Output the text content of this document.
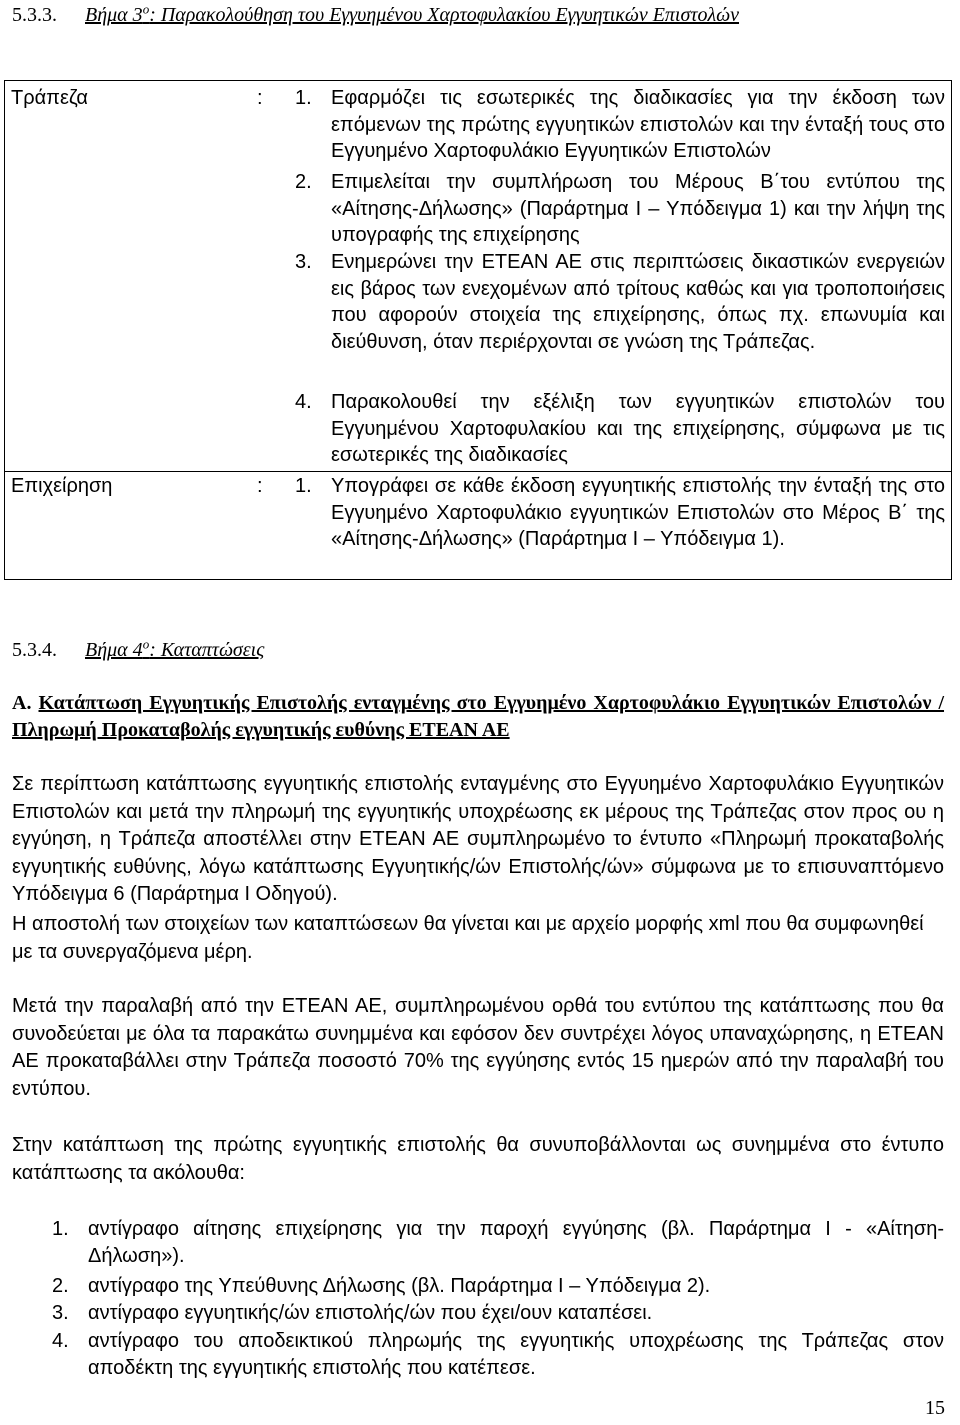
5.3.3. Βήμα $3^o$: Παρακολούθηση του Εγγυημένου Χαρτοφυλακίου Εγγυητικών Επιστολών
Τράπεζα	: 1. Εφαρμόζει τις εσωτερικές της διαδικασίες για την έκδοση των επόμενων της πρώτης εγγυητικών επιστολών και την ένταξή τους στο Εγγυημένο Χαρτοφυλάκιο Εγγυητικών Επιστολών
2. Επιμελείται την συμπλήρωση του Μέρους Β΄του εντύπου της «Αίτησης-Δήλωσης» (Παράρτημα Ι – Υπόδειγμα 1) και την λήψη της υπογραφής της επιχείρησης
3. Ενημερώνει την ΕΤΕΑΝ ΑΕ στις περιπτώσεις δικαστικών ενεργειών εις βάρος των ενεχομένων από τρίτους καθώς και για τροποποιήσεις που αφορούν στοιχεία της επιχείρησης, όπως πχ. επωνυμία και διεύθυνση, όταν περιέρχονται σε γνώση της Τράπεζας.
4. Παρακολουθεί την εξέλιξη των εγγυητικών επιστολών του Εγγυημένου Χαρτοφυλακίου και της επιχείρησης, σύμφωνα με τις εσωτερικές της διαδικασίες
Επιχείρηση	: 1. Υπογράφει σε κάθε έκδοση εγγυητικής επιστολής την ένταξή της στο Εγγυημένο Χαρτοφυλάκιο εγγυητικών Επιστολών στο Μέρος Β΄ της «Αίτησης-Δήλωσης» (Παράρτημα Ι – Υπόδειγμα 1).
5.3.4. Βήμα $4^o$: Καταπτώσεις
Α. Κατάπτωση Εγγυητικής Επιστολής ενταγμένης στο Εγγυημένο Χαρτοφυλάκιο Εγγυητικών Επιστολών / Πληρωμή Προκαταβολής εγγυητικής ευθύνης ΕΤΕΑΝ ΑΕ
Σε περίπτωση κατάπτωσης εγγυητικής επιστολής ενταγμένης στο Εγγυημένο Χαρτοφυλάκιο Εγγυητικών Επιστολών και μετά την πληρωμή της εγγυητικής υποχρέωσης εκ μέρους της Τράπεζας στον προς ου η εγγύηση, η Τράπεζα αποστέλλει στην ΕΤΕΑΝ ΑΕ συμπληρωμένο το έντυπο «Πληρωμή προκαταβολής εγγυητικής ευθύνης, λόγω κατάπτωσης Εγγυητικής/ών Επιστολής/ών» σύμφωνα με το επισυναπτόμενο Υπόδειγμα 6 (Παράρτημα Ι Οδηγού).
Η αποστολή των στοιχείων των καταπτώσεων θα γίνεται και με αρχείο μορφής xml που θα συμφωνηθεί με τα συνεργαζόμενα μέρη.
Μετά την παραλαβή από την ΕΤΕΑΝ ΑΕ, συμπληρωμένου ορθά του εντύπου της κατάπτωσης που θα συνοδεύεται με όλα τα παρακάτω συνημμένα και εφόσον δεν συντρέχει λόγος υπαναχώρησης, η ΕΤΕΑΝ ΑΕ προκαταβάλλει στην Τράπεζα ποσοστό 70% της εγγύησης εντός 15 ημερών από την παραλαβή του εντύπου.
Στην κατάπτωση της πρώτης εγγυητικής επιστολής θα συνυποβάλλονται ως συνημμένα στο έντυπο κατάπτωσης τα ακόλουθα:
1. αντίγραφο αίτησης επιχείρησης για την παροχή εγγύησης (βλ. Παράρτημα Ι - «Αίτηση-Δήλωση»).
2. αντίγραφο της Υπεύθυνης Δήλωσης (βλ. Παράρτημα Ι – Υπόδειγμα 2).
3. αντίγραφο εγγυητικής/ών επιστολής/ών που έχει/ουν καταπέσει.
4. αντίγραφο του αποδεικτικού πληρωμής της εγγυητικής υποχρέωσης της Τράπεζας στον αποδέκτη της εγγυητικής επιστολής που κατέπεσε.
15
